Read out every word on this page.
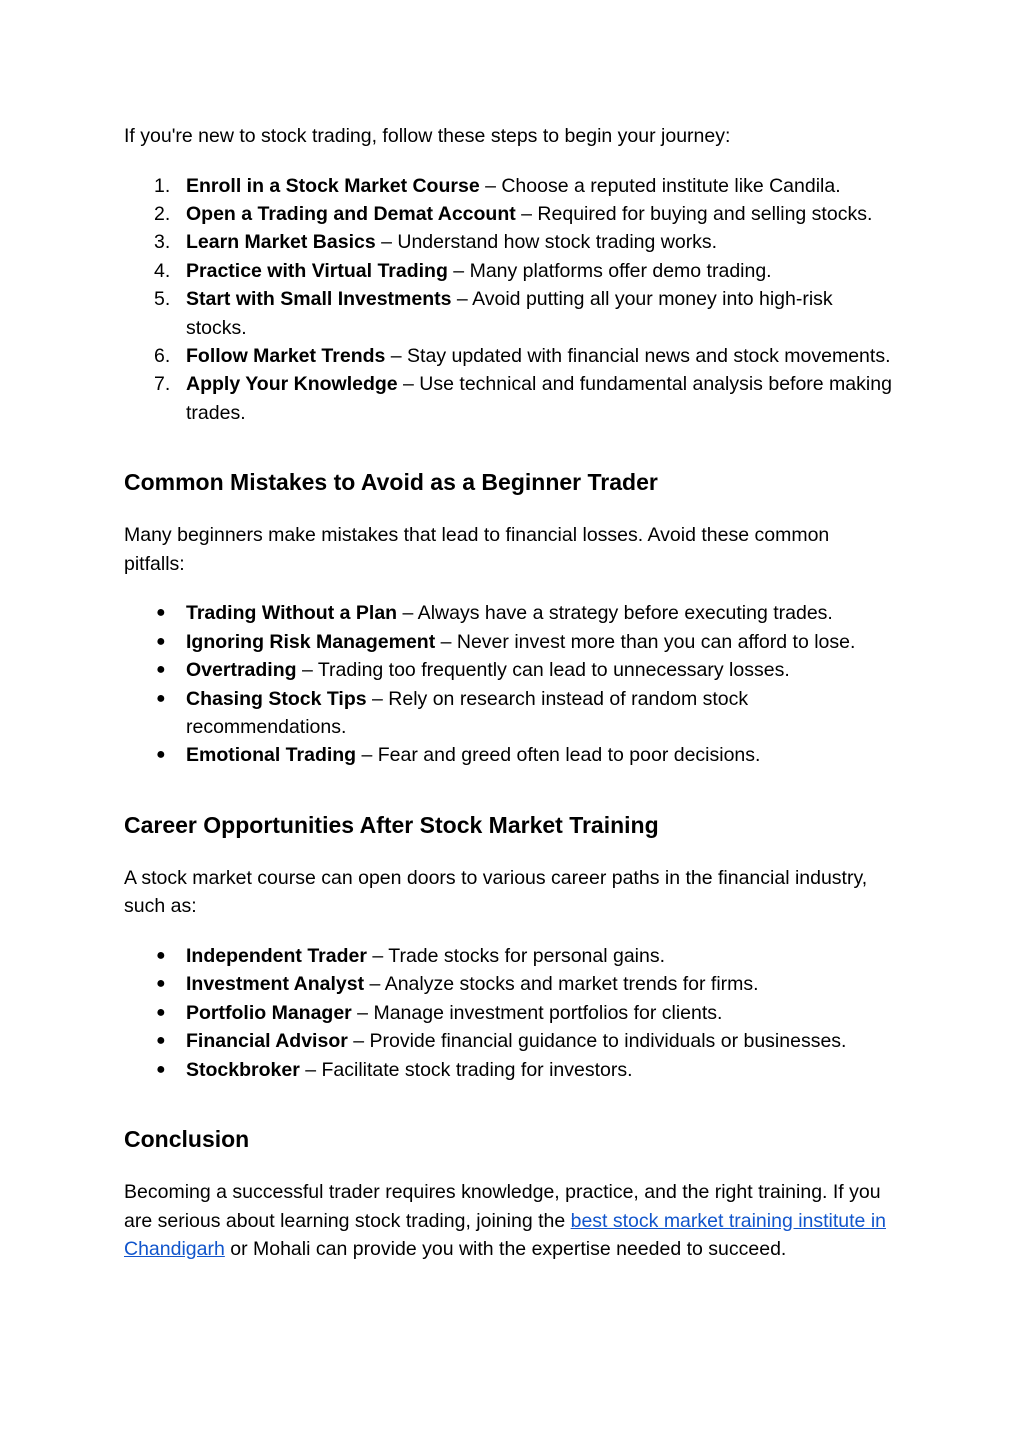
If you're new to stock trading, follow these steps to begin your journey:

1. Enroll in a Stock Market Course – Choose a reputed institute like Candila.
2. Open a Trading and Demat Account – Required for buying and selling stocks.
3. Learn Market Basics – Understand how stock trading works.
4. Practice with Virtual Trading – Many platforms offer demo trading.
5. Start with Small Investments – Avoid putting all your money into high-risk stocks.
6. Follow Market Trends – Stay updated with financial news and stock movements.
7. Apply Your Knowledge – Use technical and fundamental analysis before making trades.
Common Mistakes to Avoid as a Beginner Trader

Many beginners make mistakes that lead to financial losses. Avoid these common pitfalls:

●	Trading Without a Plan – Always have a strategy before executing trades.
●	Ignoring Risk Management – Never invest more than you can afford to lose.
●	Overtrading – Trading too frequently can lead to unnecessary losses.
●	Chasing Stock Tips – Rely on research instead of random stock recommendations.
●	Emotional Trading – Fear and greed often lead to poor decisions.
Career Opportunities After Stock Market Training

A stock market course can open doors to various career paths in the financial industry, such as:

●	Independent Trader – Trade stocks for personal gains.
●	Investment Analyst – Analyze stocks and market trends for firms.
●	Portfolio Manager – Manage investment portfolios for clients.
●	Financial Advisor – Provide financial guidance to individuals or businesses.
●	Stockbroker – Facilitate stock trading for investors.
Conclusion

Becoming a successful trader requires knowledge, practice, and the right training. If you are serious about learning stock trading, joining the best stock market training institute in Chandigarh or Mohali can provide you with the expertise needed to succeed.
